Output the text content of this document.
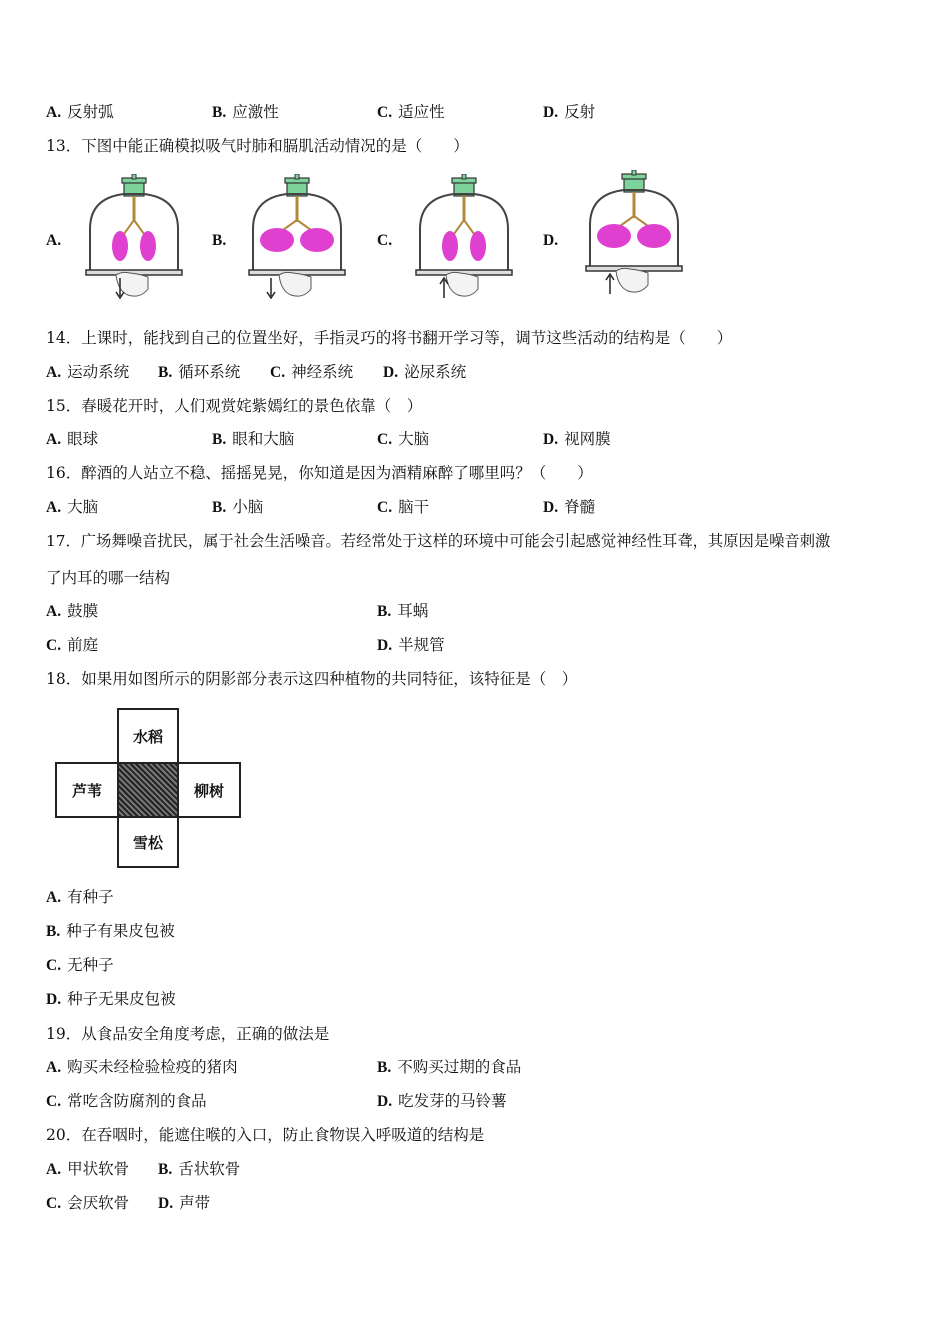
A. 反射弧	B. 应激性	C. 适应性	D. 反射
13．下图中能正确模拟吸气时肺和膈肌活动情况的是（　　）
A.	B.	C.	D.
14．上课时，能找到自己的位置坐好，手指灵巧的将书翻开学习等，调节这些活动的结构是（　　）
A. 运动系统 B. 循环系统 C. 神经系统 D. 泌尿系统
15．春暖花开时，人们观赏姹紫嫣红的景色依靠（　）
A. 眼球	B. 眼和大脑	C. 大脑	D. 视网膜
16．醉酒的人站立不稳、摇摇晃晃，你知道是因为酒精麻醉了哪里吗？（　　）
A. 大脑	B. 小脑	C. 脑干	D. 脊髓
17．广场舞噪音扰民，属于社会生活噪音。若经常处于这样的环境中可能会引起感觉神经性耳聋，其原因是噪音刺激
了内耳的哪一结构
A. 鼓膜	B. 耳蜗
C. 前庭	D. 半规管
18．如果用如图所示的阴影部分表示这四种植物的共同特征，该特征是（　）
水稻
芦苇	柳树
雪松
A. 有种子
B. 种子有果皮包被
C. 无种子
D. 种子无果皮包被
19．从食品安全角度考虑，正确的做法是
A. 购买未经检验检疫的猪肉	B. 不购买过期的食品
C. 常吃含防腐剂的食品	D. 吃发芽的马铃薯
20．在吞咽时，能遮住喉的入口，防止食物误入呼吸道的结构是
A. 甲状软骨 B. 舌状软骨
C. 会厌软骨 D. 声带
